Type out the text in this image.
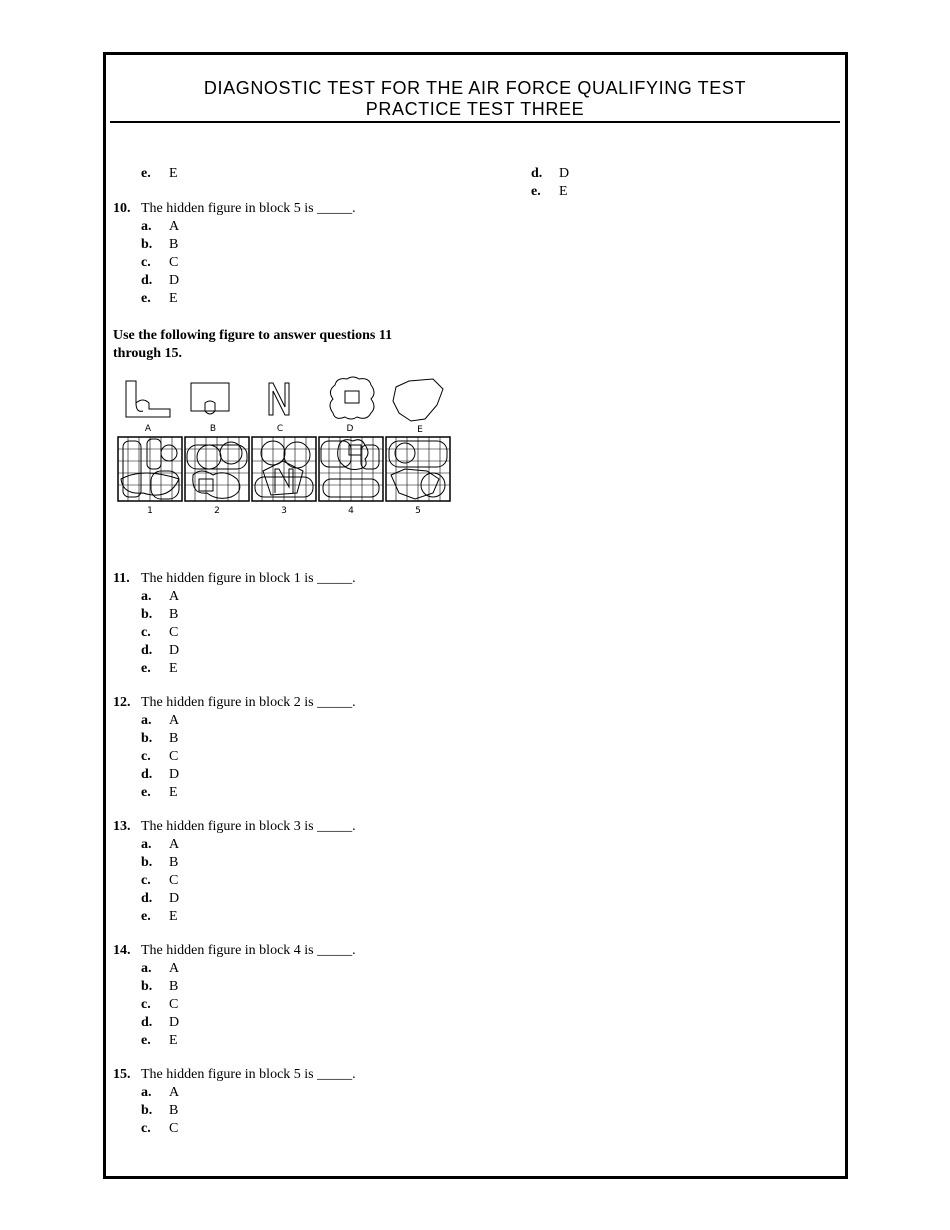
DIAGNOSTIC TEST FOR THE AIR FORCE QUALIFYING TEST
PRACTICE TEST THREE
d. D
e. E
e. E
10. The hidden figure in block 5 is _____.
a. A
b. B
c. C
d. D
e. E
Use the following figure to answer questions 11 through 15.
A	B	C	D	E
1	2	3	4	5
11. The hidden figure in block 1 is _____.
a. A
b. B
c. C
d. D
e. E
12. The hidden figure in block 2 is _____.
a. A
b. B
c. C
d. D
e. E
13. The hidden figure in block 3 is _____.
a. A
b. B
c. C
d. D
e. E
14. The hidden figure in block 4 is _____.
a. A
b. B
c. C
d. D
e. E
15. The hidden figure in block 5 is _____.
a. A
b. B
c. C
